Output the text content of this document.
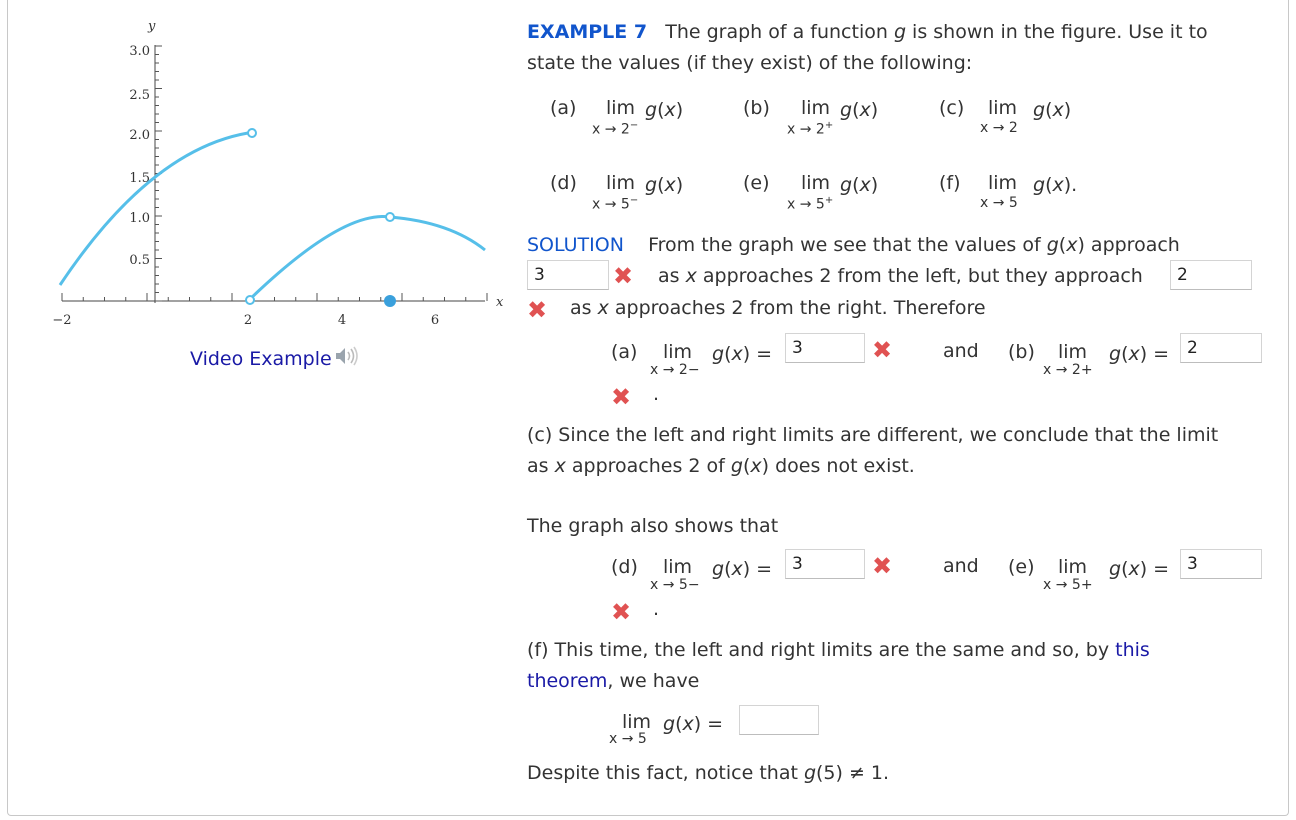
y
x
3.0
2.5
2.0
1.5
1.0
0.5
−2	2	4	6
Video Example
EXAMPLE 7 The graph of a function g is shown in the figure. Use it to
state the values (if they exist) of the following:
(a) lim
x → 2−
g(x)	(b) lim
x → 2+
g(x)	(c) lim
x → 2
g(x)
(d) lim
x → 5−
g(x)	(e) lim
x → 5+
g(x)	(f) lim
x → 5
g(x).
SOLUTION    From the graph we see that the values of g(x) approach
3	✖ as x approaches 2 from the left, but they approach	2
✖ as x approaches 2 from the right. Therefore
(a) lim
x → 2−
g(x) =	3	✖	and (b) lim
x → 2+
g(x) =	2
✖ .
(c) Since the left and right limits are different, we conclude that the limit
as x approaches 2 of g(x) does not exist.
The graph also shows that
(d) lim
x → 5−
g(x) =	3	✖	and (e) lim
x → 5+
g(x) =	3
✖ .
(f) This time, the left and right limits are the same and so, by this
theorem, we have
lim
x → 5
g(x) =
Despite this fact, notice that g(5) ≠ 1.
